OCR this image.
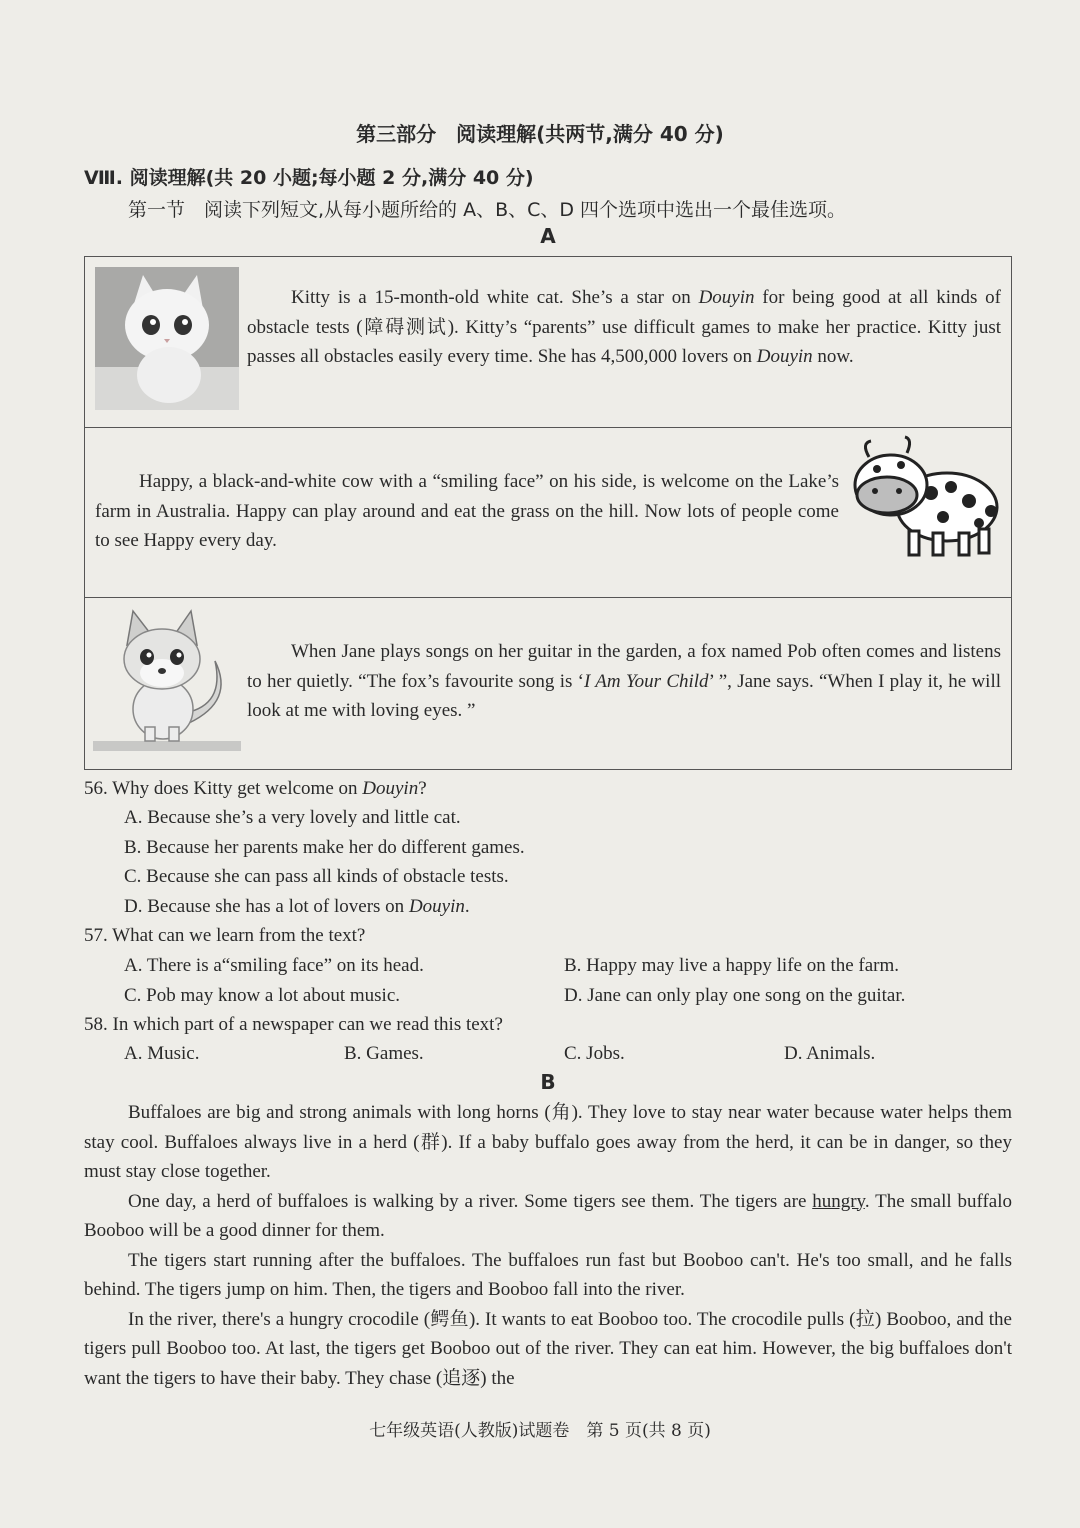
第三部分　阅读理解(共两节,满分 40 分)
Ⅷ. 阅读理解(共 20 小题;每小题 2 分,满分 40 分)
第一节　阅读下列短文,从每小题所给的 A、B、C、D 四个选项中选出一个最佳选项。
A
Kitty is a 15-month-old white cat. She’s a star on Douyin for being good at all kinds of obstacle tests (障碍测试). Kitty’s “parents” use difficult games to make her practice. Kitty just passes all obstacles easily every time. She has 4,500,000 lovers on Douyin now.
Happy, a black-and-white cow with a “smiling face” on his side, is welcome on the Lake’s farm in Australia. Happy can play around and eat the grass on the hill. Now lots of people come to see Happy every day.
When Jane plays songs on her guitar in the garden, a fox named Pob often comes and listens to her quietly. “The fox’s favourite song is ‘I Am Your Child’ ”, Jane says. “When I play it, he will look at me with loving eyes. ”
56. Why does Kitty get welcome on Douyin?
A. Because she’s a very lovely and little cat.
B. Because her parents make her do different games.
C. Because she can pass all kinds of obstacle tests.
D. Because she has a lot of lovers on Douyin.
57. What can we learn from the text?
A. There is a“smiling face” on its head.	B. Happy may live a happy life on the farm.
C. Pob may know a lot about music.	D. Jane can only play one song on the guitar.
58. In which part of a newspaper can we read this text?
A. Music.	B. Games.	C. Jobs.	D. Animals.
B
Buffaloes are big and strong animals with long horns (角). They love to stay near water because water helps them stay cool. Buffaloes always live in a herd (群). If a baby buffalo goes away from the herd, it can be in danger, so they must stay close together.
One day, a herd of buffaloes is walking by a river. Some tigers see them. The tigers are hungry. The small buffalo Booboo will be a good dinner for them.
The tigers start running after the buffaloes. The buffaloes run fast but Booboo can't. He's too small, and he falls behind. The tigers jump on him. Then, the tigers and Booboo fall into the river.
In the river, there's a hungry crocodile (鳄鱼). It wants to eat Booboo too. The crocodile pulls (拉) Booboo, and the tigers pull Booboo too. At last, the tigers get Booboo out of the river. They can eat him. However, the big buffaloes don't want the tigers to have their baby. They chase (追逐) the
七年级英语(人教版)试题卷　第 5 页(共 8 页)
